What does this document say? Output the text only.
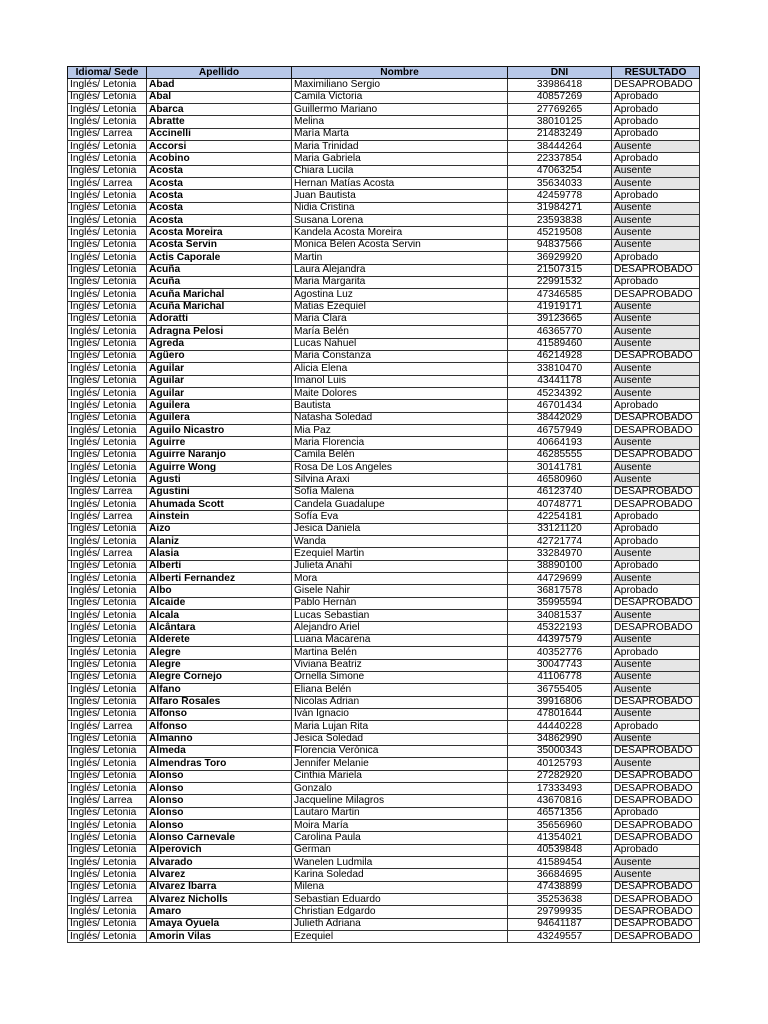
Idioma/ Sede	Apellido	Nombre	DNI	RESULTADO
Inglés/ Letonia	Abad	Maximiliano Sergio	33986418	DESAPROBADO
Inglés/ Letonia	Abal	Camila Victoria	40857269	Aprobado
Inglés/ Letonia	Abarca	Guillermo Mariano	27769265	Aprobado
Inglés/ Letonia	Abratte	Melina	38010125	Aprobado
Inglés/ Larrea	Accinelli	María Marta	21483249	Aprobado
Inglés/ Letonia	Accorsi	Maria Trinidad	38444264	Ausente
Inglés/ Letonia	Acobino	Maria Gabriela	22337854	Aprobado
Inglés/ Letonia	Acosta	Chiara Lucila	47063254	Ausente
Inglés/ Larrea	Acosta	Hernan Matías Acosta	35634033	Ausente
Inglés/ Letonia	Acosta	Juan Bautista	42459778	Aprobado
Inglés/ Letonia	Acosta	Nidia Cristina	31984271	Ausente
Inglés/ Letonia	Acosta	Susana Lorena	23593838	Ausente
Inglés/ Letonia	Acosta Moreira	Kandela Acosta Moreira	45219508	Ausente
Inglés/ Letonia	Acosta Servin	Monica Belen Acosta Servin	94837566	Ausente
Inglés/ Letonia	Actis Caporale	Martin	36929920	Aprobado
Inglés/ Letonia	Acuña	Laura Alejandra	21507315	DESAPROBADO
Inglés/ Letonia	Acuña	Maria Margarita	22991532	Aprobado
Inglés/ Letonia	Acuña Marichal	Agostina Luz	47346585	DESAPROBADO
Inglés/ Letonia	Acuña Marichal	Matias Ezequiel	41919171	Ausente
Inglés/ Letonia	Adoratti	Maria Clara	39123665	Ausente
Inglés/ Letonia	Adragna Pelosi	María Belén	46365770	Ausente
Inglés/ Letonia	Agreda	Lucas Nahuel	41589460	Ausente
Inglés/ Letonia	Agüero	Maria Constanza	46214928	DESAPROBADO
Inglés/ Letonia	Aguilar	Alicia Elena	33810470	Ausente
Inglés/ Letonia	Aguilar	Imanol Luis	43441178	Ausente
Inglés/ Letonia	Aguilar	Maite Dolores	45234392	Ausente
Inglés/ Letonia	Aguilera	Bautista	46701434	Aprobado
Inglés/ Letonia	Aguilera	Natasha Soledad	38442029	DESAPROBADO
Inglés/ Letonia	Aguilo Nicastro	Mia Paz	46757949	DESAPROBADO
Inglés/ Letonia	Aguirre	Maria Florencia	40664193	Ausente
Inglés/ Letonia	Aguirre Naranjo	Camila Belén	46285555	DESAPROBADO
Inglés/ Letonia	Aguirre Wong	Rosa De Los Angeles	30141781	Ausente
Inglés/ Letonia	Agusti	Silvina Araxi	46580960	Ausente
Inglés/ Larrea	Agustini	Sofía Malena	46123740	DESAPROBADO
Inglés/ Letonia	Ahumada Scott	Candela Guadalupe	40748771	DESAPROBADO
Inglés/ Larrea	Ainstein	Sofía Eva	42254181	Aprobado
Inglés/ Letonia	Aizo	Jesica Daniela	33121120	Aprobado
Inglés/ Letonia	Alaniz	Wanda	42721774	Aprobado
Inglés/ Larrea	Alasia	Ezequiel Martin	33284970	Ausente
Inglés/ Letonia	Alberti	Julieta Anahí	38890100	Aprobado
Inglés/ Letonia	Alberti Fernandez	Mora	44729699	Ausente
Inglés/ Letonia	Albo	Gisele Nahir	36817578	Aprobado
Inglés/ Letonia	Alcaide	Pablo Hernán	35995594	DESAPROBADO
Inglés/ Letonia	Alcala	Lucas Sebastian	34081537	Ausente
Inglés/ Letonia	Alcântara	Alejandro Ariel	45322193	DESAPROBADO
Inglés/ Letonia	Alderete	Luana Macarena	44397579	Ausente
Inglés/ Letonia	Alegre	Martina Belén	40352776	Aprobado
Inglés/ Letonia	Alegre	Viviana Beatriz	30047743	Ausente
Inglés/ Letonia	Alegre Cornejo	Ornella Simone	41106778	Ausente
Inglés/ Letonia	Alfano	Eliana Belén	36755405	Ausente
Inglés/ Letonia	Alfaro Rosales	Nicolas Adrian	39916806	DESAPROBADO
Inglés/ Letonia	Alfonso	Iván Ignacio	47801644	Ausente
Inglés/ Larrea	Alfonso	Maria Lujan Rita	44440228	Aprobado
Inglés/ Letonia	Almanno	Jesica Soledad	34862990	Ausente
Inglés/ Letonia	Almeda	Florencia Verónica	35000343	DESAPROBADO
Inglés/ Letonia	Almendras Toro	Jennifer Melanie	40125793	Ausente
Inglés/ Letonia	Alonso	Cinthia Mariela	27282920	DESAPROBADO
Inglés/ Letonia	Alonso	Gonzalo	17333493	DESAPROBADO
Inglés/ Larrea	Alonso	Jacqueline Milagros	43670816	DESAPROBADO
Inglés/ Letonia	Alonso	Lautaro Martin	46571356	Aprobado
Inglés/ Letonia	Alonso	Moira María	35656960	DESAPROBADO
Inglés/ Letonia	Alonso Carnevale	Carolina Paula	41354021	DESAPROBADO
Inglés/ Letonia	Alperovich	German	40539848	Aprobado
Inglés/ Letonia	Alvarado	Wanelen Ludmila	41589454	Ausente
Inglés/ Letonia	Alvarez	Karina Soledad	36684695	Ausente
Inglés/ Letonia	Alvarez Ibarra	Milena	47438899	DESAPROBADO
Inglés/ Larrea	Alvarez Nicholls	Sebastian Eduardo	35253638	DESAPROBADO
Inglés/ Letonia	Amaro	Christian Edgardo	29799935	DESAPROBADO
Inglés/ Letonia	Amaya Oyuela	Julieth Adriana	94641187	DESAPROBADO
Inglés/ Letonia	Amorin Vilas	Ezequiel	43249557	DESAPROBADO
